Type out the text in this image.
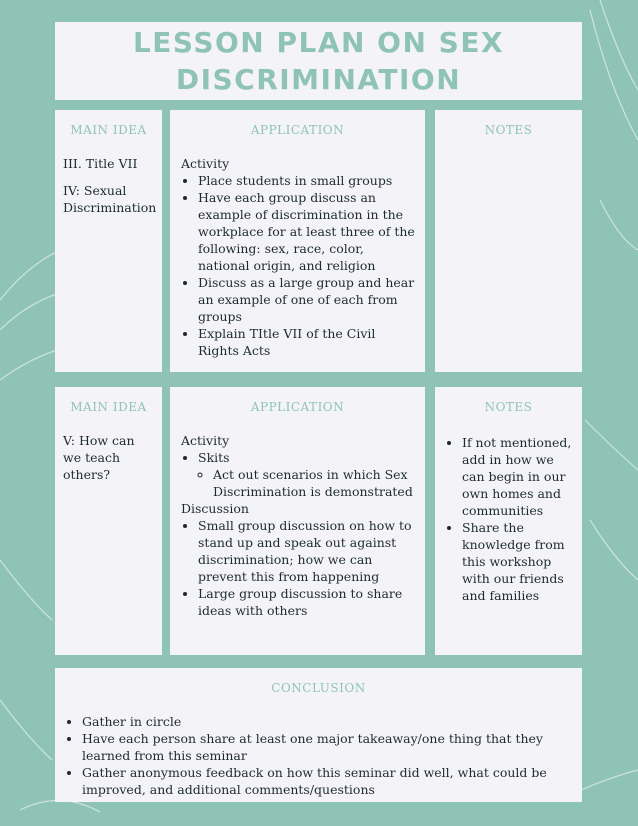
LESSON PLAN ON SEX DISCRIMINATION
MAIN IDEA
III. Title VII
IV: Sexual Discrimination
APPLICATION
Activity
• Place students in small groups
• Have each group discuss an example of discrimination in the workplace for at least three of the following: sex, race, color, national origin, and religion
• Discuss as a large group and hear an example of one of each from groups
• Explain TItle VII of the Civil Rights Acts
NOTES
MAIN IDEA
V: How can we teach others?
APPLICATION
Activity
• Skits
◦ Act out scenarios in which Sex Discrimination is demonstrated
Discussion
• Small group discussion on how to stand up and speak out against discrimination; how we can prevent this from happening
• Large group discussion to share ideas with others
NOTES
• If not mentioned, add in how we can begin in our own homes and communities
• Share the knowledge from this workshop with our friends and families
CONCLUSION
• Gather in circle
• Have each person share at least one major takeaway/one thing that they learned from this seminar
• Gather anonymous feedback on how this seminar did well, what could be improved, and additional comments/questions
